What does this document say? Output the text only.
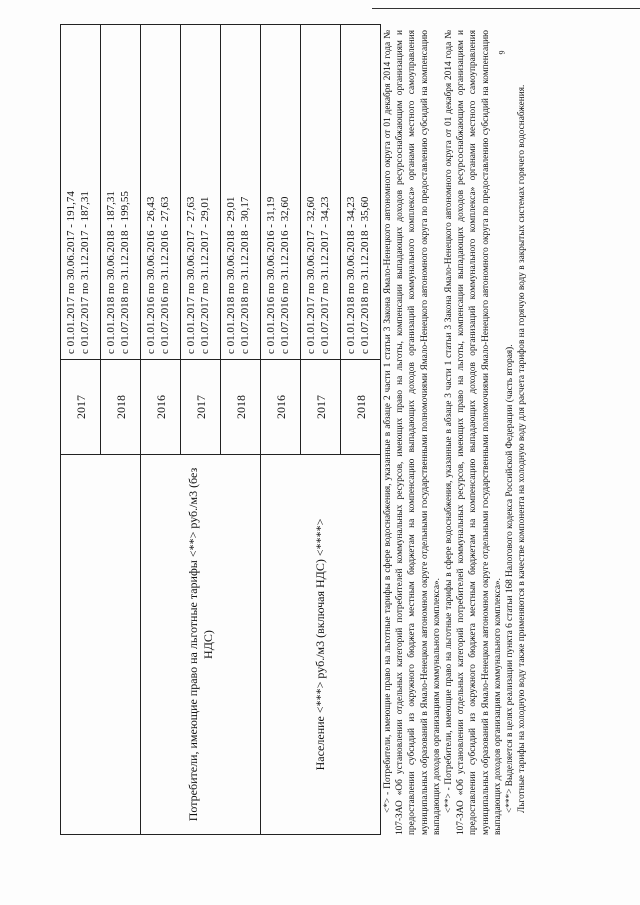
9
	2017	с 01.01.2017 по 30.06.2017 - 191,74 с 01.07.2017 по 31.12.2017 - 187,31

	2018	с 01.01.2018 по 30.06.2018 - 187,31 с 01.07.2018 по 31.12.2018 - 199,55

Потребители, имеющие право на льготные тарифы <**> руб./м3 (без НДС)	2016	с 01.01.2016 по 30.06.2016 - 26,43 с 01.07.2016 по 31.12.2016 - 27,63

	2017	с 01.01.2017 по 30.06.2017 - 27,63 с 01.07.2017 по 31.12.2017 - 29,01

	2018	с 01.01.2018 по 30.06.2018 - 29,01 с 01.07.2018 по 31.12.2018 - 30,17

Население <***> руб./м3 (включая НДС) <****>	2016	с 01.01.2016 по 30.06.2016 - 31,19 с 01.07.2016 по 31.12.2016 - 32,60

	2017	с 01.01.2017 по 30.06.2017 - 32,60 с 01.07.2017 по 31.12.2017 - 34,23

	2018	с 01.01.2018 по 30.06.2018 - 34,23 с 01.07.2018 по 31.12.2018 - 35,60 <*> - Потребители, имеющие право на льготные тарифы в сфере водоснабжения, указанные в абзаце 2 части 1 статьи 3 Закона Ямало-Ненецкого автономного округа от 01 декабря 2014 года № 107-ЗАО «Об установлении отдельных категорий потребителей коммунальных ресурсов, имеющих право на льготы, компенсации выпадающих доходов ресурсоснабжающим организациям и предоставлении субсидий из окружного бюджета местным бюджетам на компенсацию выпадающих доходов организаций коммунального комплекса» органами местного самоуправления муниципальных образований в Ямало-Ненецком автономном округе отдельными государственными полномочиями Ямало-Ненецкого автономного округа по предоставлению субсидий на компенсацию выпадающих доходов организациям коммунального комплекса». <**> - Потребители, имеющие право на льготные тарифы в сфере водоснабжения, указанные в абзаце 3 части 1 статьи 3 Закона Ямало-Ненецкого автономного округа от 01 декабря 2014 года № 107-ЗАО «Об установлении отдельных категорий потребителей коммунальных ресурсов, имеющих право на льготы, компенсации выпадающих доходов ресурсоснабжающим организациям и предоставлении субсидий из окружного бюджета местным бюджетам на компенсацию выпадающих доходов организаций коммунального комплекса» органами местного самоуправления муниципальных образований в Ямало-Ненецком автономном округе отдельными государственными полномочиями Ямало-Ненецкого автономного округа по предоставлению субсидий на компенсацию выпадающих доходов организациям коммунального комплекса». <***> Выделяется в целях реализации пункта 6 статьи 168 Налогового кодекса Российской Федерации (часть вторая). Льготные тарифы на холодную воду также применяются в качестве компонента на холодную воду для расчета тарифов на горячую воду в закрытых системах горячего водоснабжения.
